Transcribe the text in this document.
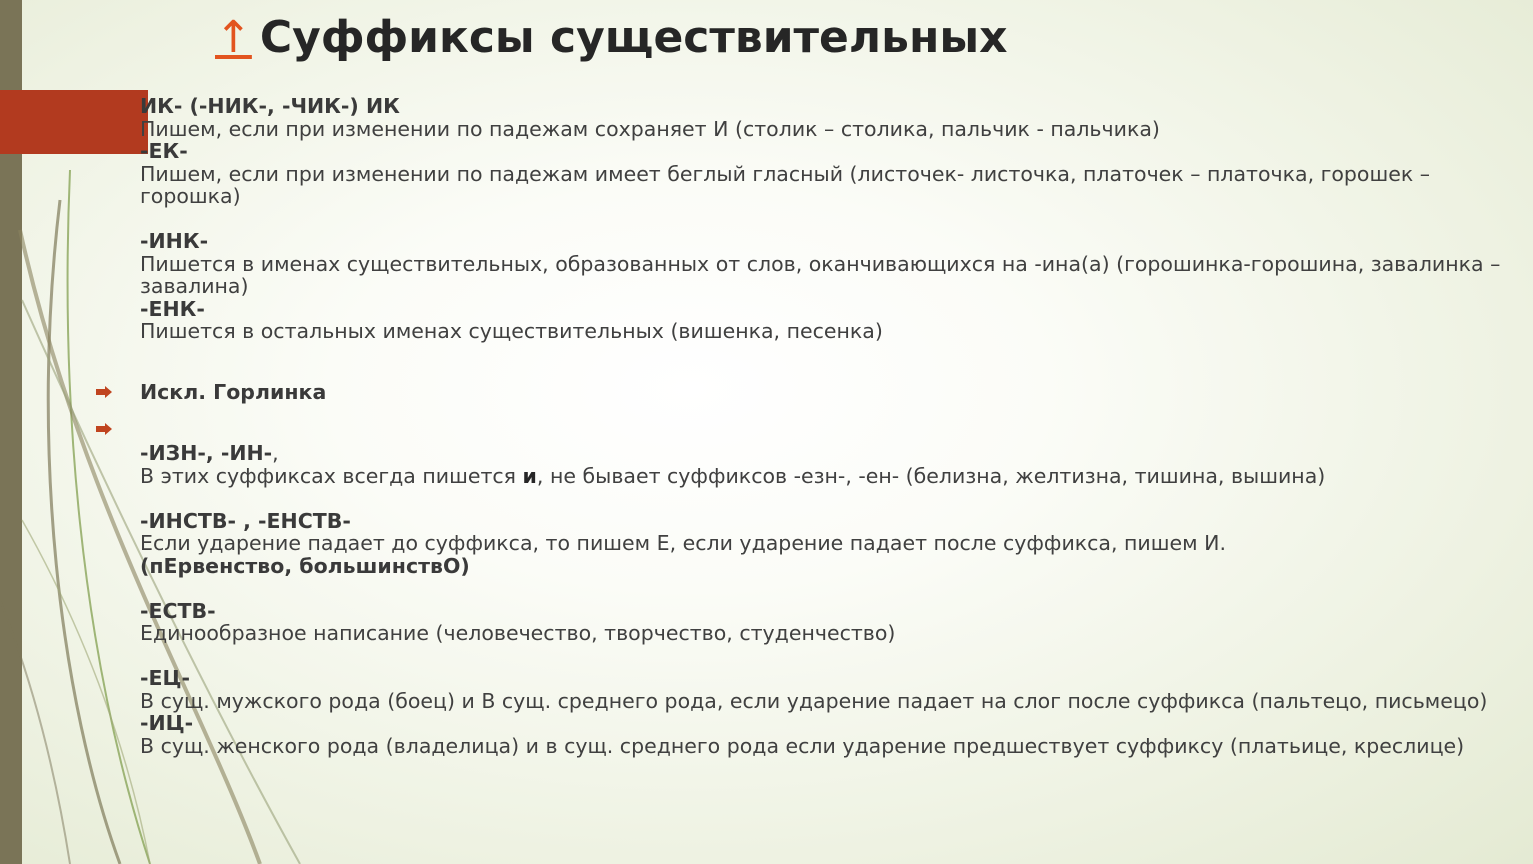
↑ Суффиксы существительных
ИК- (-НИК-, -ЧИК-) ИК
Пишем, если при изменении по падежам сохраняет И (столик – столика, пальчик - пальчика)
-ЕК-
Пишем, если при изменении по падежам имеет беглый гласный (листочек- листочка, платочек – платочка, горошек – горошка)
-ИНК-
Пишется в именах существительных, образованных от слов, оканчивающихся на -ина(а) (горошинка-горошина, завалинка – завалина)
-ЕНК-
Пишется в остальных именах существительных (вишенка, песенка)
Искл. Горлинка
-ИЗН-, -ИН-,
В этих суффиксах всегда пишется и, не бывает суффиксов -езн-, -ен- (белизна, желтизна, тишина, вышина)
-ИНСТВ- , -ЕНСТВ-
Если ударение падает до суффикса, то пишем Е, если ударение падает после суффикса, пишем И.
(пЕрвенство, большинствО)
-ЕСТВ-
Единообразное написание (человечество, творчество, студенчество)
-ЕЦ-
В сущ. мужского рода (боец) и В сущ. среднего рода, если ударение падает на слог после суффикса (пальтецо, письмецо)
-ИЦ-
В сущ. женского рода (владелица) и в сущ. среднего рода если ударение предшествует суффиксу (платьице, креслице)
